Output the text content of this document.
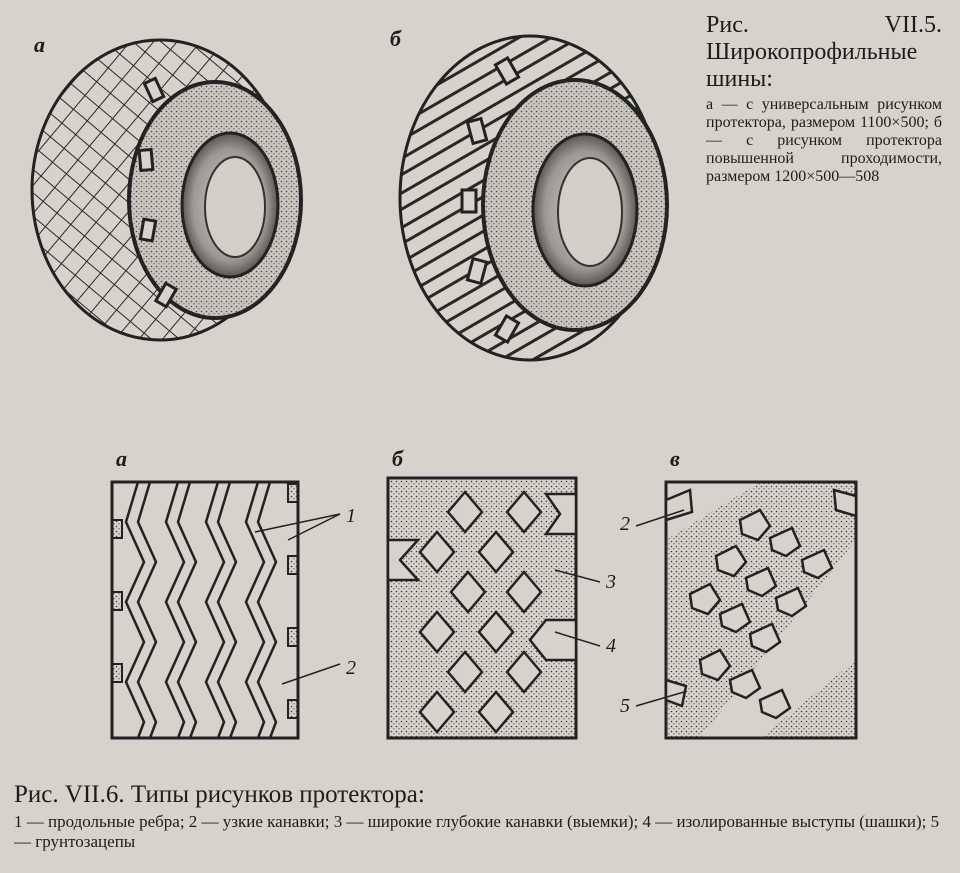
1
2
3
4
2
5
а	б
Рис. VII.5. Широкопрофильные шины:
а — с универсальным рисунком протектора, размером 1100×500; б — с рисунком протектора повышенной проходимости, размером 1200×500—508
а	б	в
Рис. VII.6. Типы рисунков протектора:
1 — продольные ребра; 2 — узкие канавки; 3 — широкие глубокие канавки (выемки); 4 — изолированные выступы (шашки); 5 — грунтозацепы
